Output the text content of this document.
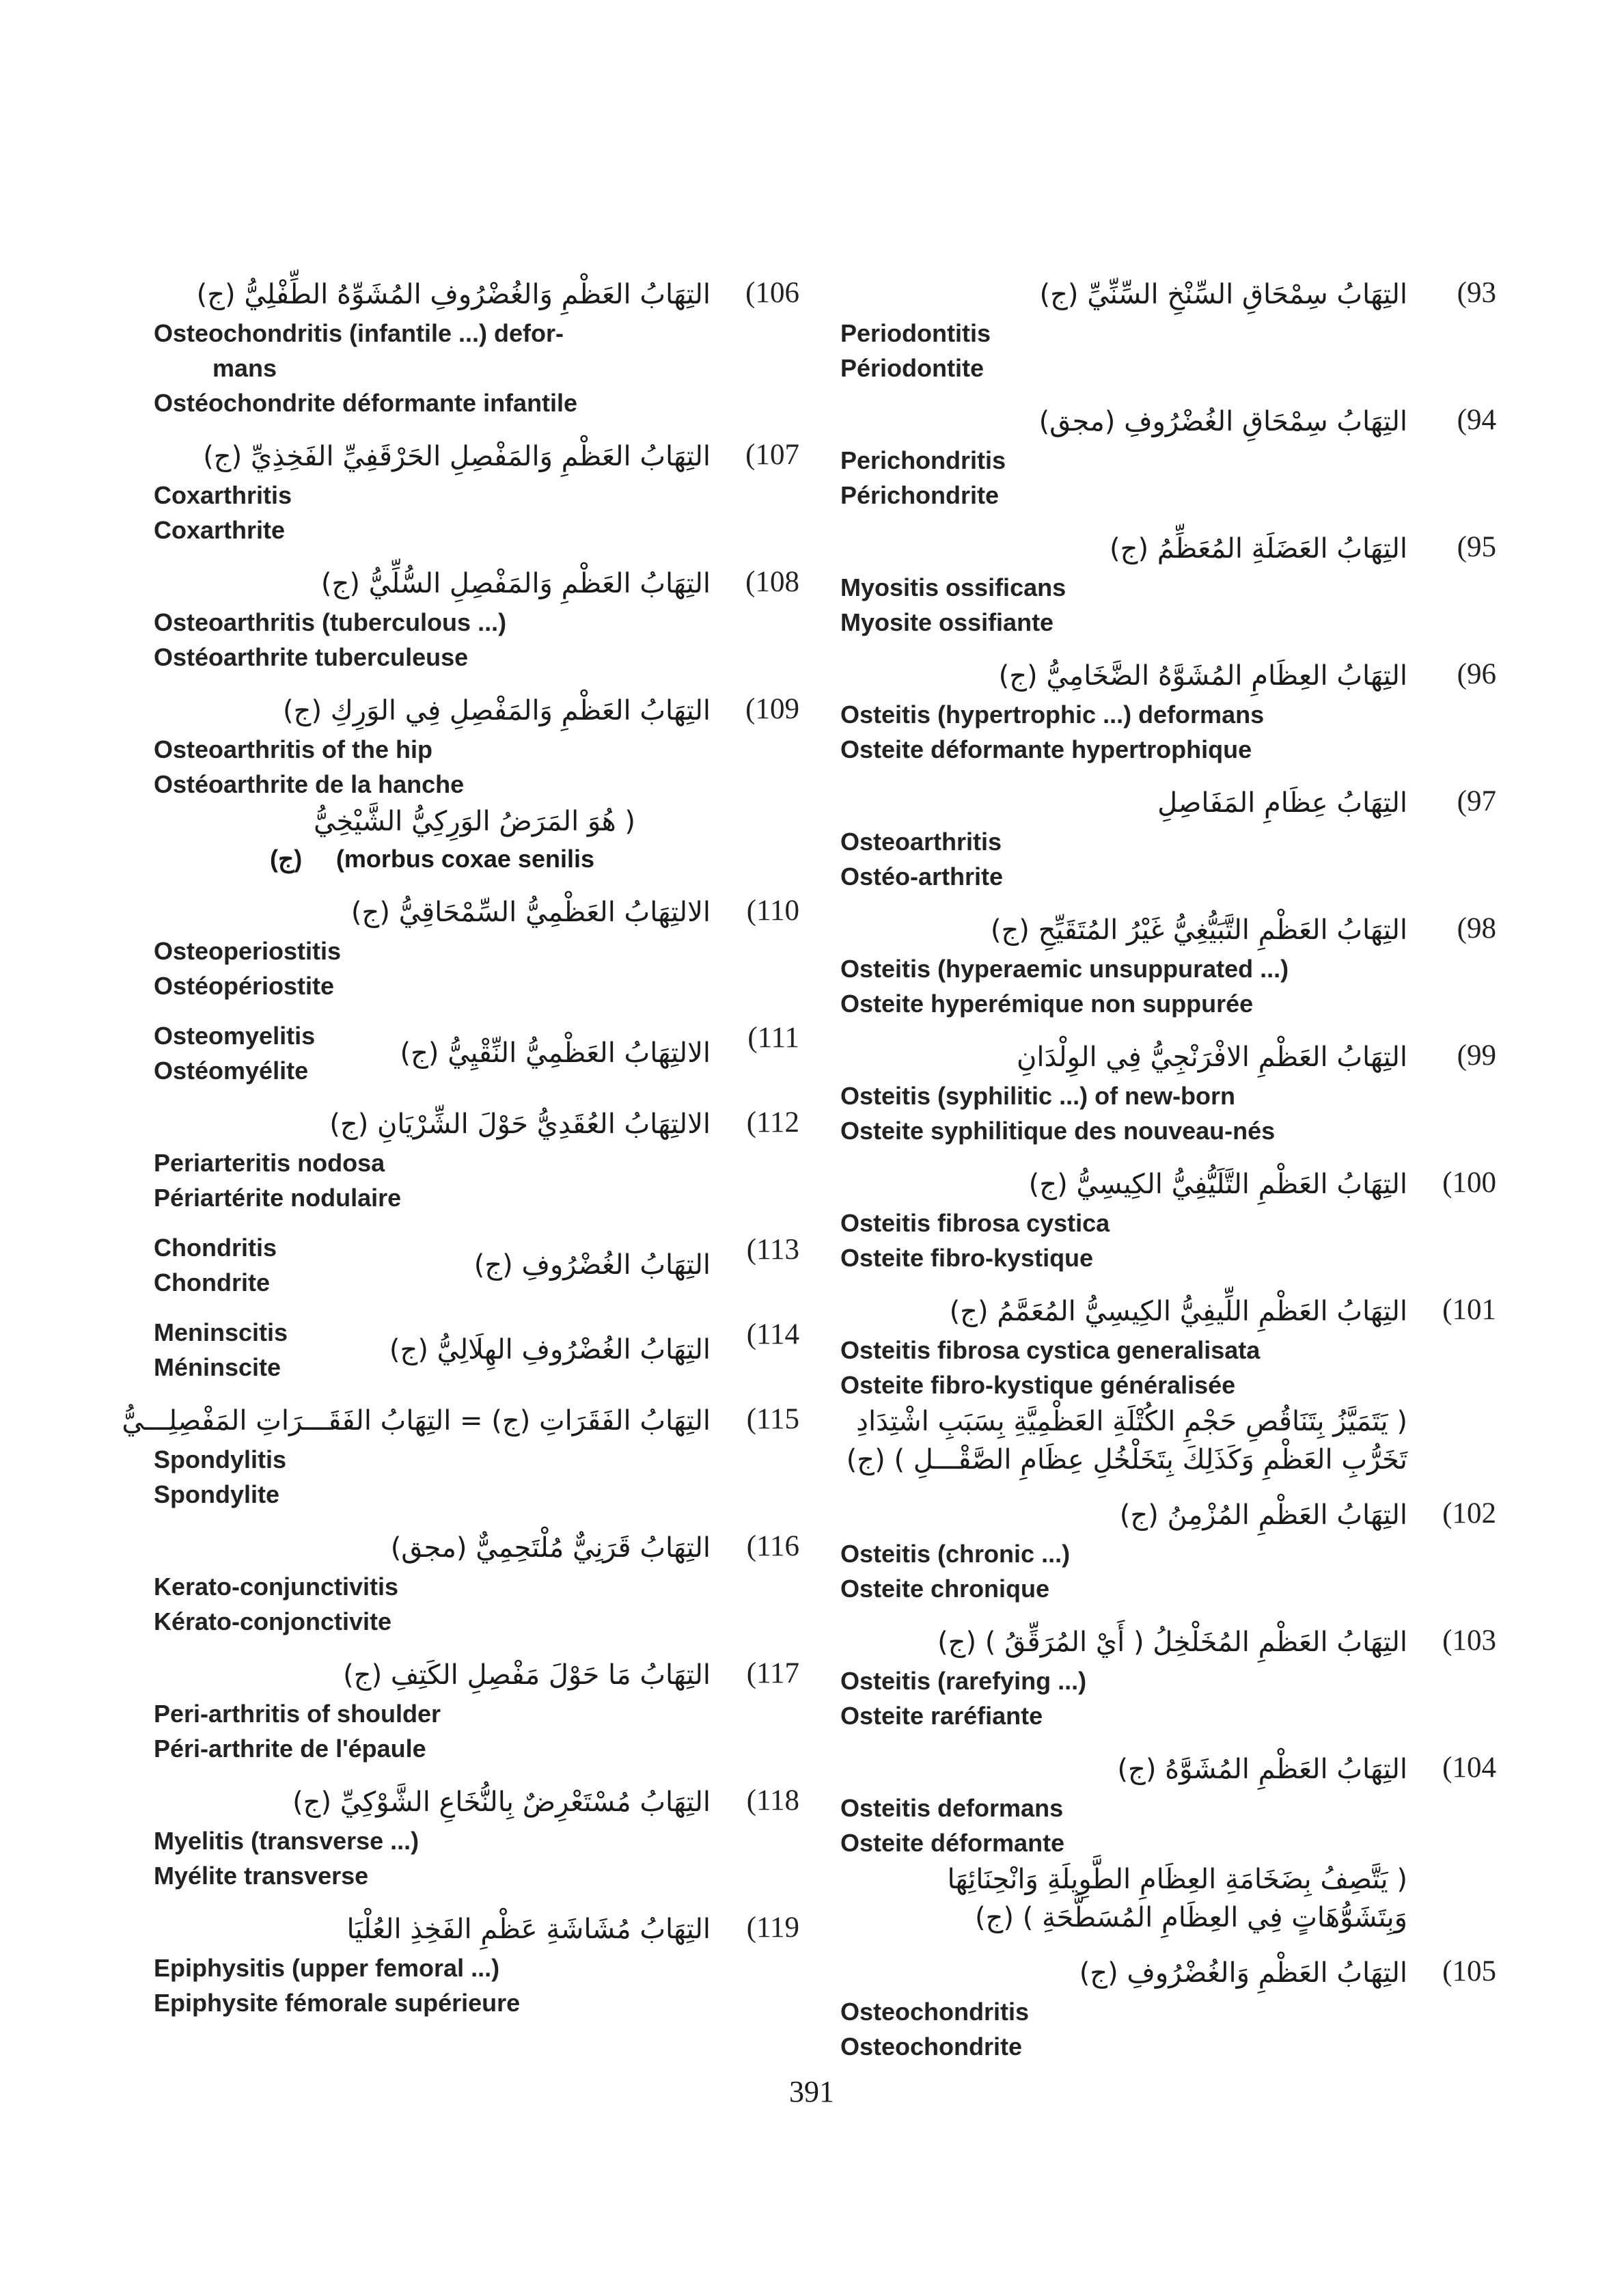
(106
التِهَابُ العَظْمِ وَالغُضْرُوفِ المُشَوِّهُ الطِّفْلِيُّ (ج)
Osteochondritis (infantile ...) defor-
mans
Ostéochondrite déformante infantile
(107
التِهَابُ العَظْمِ وَالمَفْصِلِ الحَرْقَفِيِّ الفَخِذِيِّ (ج)
Coxarthritis
Coxarthrite
(108
التِهَابُ العَظْمِ وَالمَفْصِلِ السُّلِّيُّ (ج)
Osteoarthritis (tuberculous ...)
Ostéoarthrite tuberculeuse
(109
التِهَابُ العَظْمِ وَالمَفْصِلِ فِي الوَرِكِ (ج)
Osteoarthritis of the hip
Ostéoarthrite de la hanche
( هُوَ المَرَضُ الوَرِكِيُّ الشَّيْخِيُّ
(ج) (morbus coxae senilis
(110
الالتِهَابُ العَظْمِيُّ السِّمْحَاقِيُّ (ج)
Osteoperiostitis
Ostéopériostite
(111
Osteomyelitis
Ostéomyélite
الالتِهَابُ العَظْمِيُّ النِّقْيِيُّ (ج)
(112
الالتِهَابُ العُقَدِيُّ حَوْلَ الشِّرْيَانِ (ج)
Periarteritis nodosa
Périartérite nodulaire
(113
Chondritis
Chondrite
التِهَابُ الغُضْرُوفِ (ج)
(114
Meninscitis
Méninscite
التِهَابُ الغُضْرُوفِ الهِلَالِيُّ (ج)
(115
التِهَابُ الفَقَرَاتِ (ج) = التِهَابُ الفَقَـــرَاتِ المَفْصِلِـــيُّ
Spondylitis
Spondylite
(116
التِهَابُ قَرَنِيٌّ مُلْتَحِمِيٌّ (مجق)
Kerato-conjunctivitis
Kérato-conjonctivite
(117
التِهَابُ مَا حَوْلَ مَفْصِلِ الكَتِفِ (ج)
Peri-arthritis of shoulder
Péri-arthrite de l'épaule
(118
التِهَابُ مُسْتَعْرِضٌ بِالنُّخَاعِ الشَّوْكِيِّ (ج)
Myelitis (transverse ...)
Myélite transverse
(119
التِهَابُ مُشَاشَةِ عَظْمِ الفَخِذِ العُلْيَا
Epiphysitis (upper femoral ...)
Epiphysite fémorale supérieure
(93
التِهَابُ سِمْحَاقِ السِّنْخِ السِّنِّيِّ (ج)
Periodontitis
Périodontite
(94
التِهَابُ سِمْحَاقِ الغُضْرُوفِ (مجق)
Perichondritis
Périchondrite
(95
التِهَابُ العَضَلَةِ المُعَظِّمُ (ج)
Myositis ossificans
Myosite ossifiante
(96
التِهَابُ العِظَامِ المُشَوَّهُ الضَّخَامِيُّ (ج)
Osteitis (hypertrophic ...) deformans
Osteite déformante hypertrophique
(97
التِهَابُ عِظَامِ المَفَاصِلِ
Osteoarthritis
Ostéo-arthrite
(98
التِهَابُ العَظْمِ التَّبَيُّغِيُّ غَيْرُ المُتَقَيِّحِ (ج)
Osteitis (hyperaemic unsuppurated ...)
Osteite hyperémique non suppurée
(99
التِهَابُ العَظْمِ الافْرَنْجِيُّ فِي الوِلْدَانِ
Osteitis (syphilitic ...) of new-born
Osteite syphilitique des nouveau-nés
(100
التِهَابُ العَظْمِ التَّلَيُّفِيُّ الكِيسِيُّ (ج)
Osteitis fibrosa cystica
Osteite fibro-kystique
(101
التِهَابُ العَظْمِ اللِّيفِيُّ الكِيسِيُّ المُعَمَّمُ (ج)
Osteitis fibrosa cystica generalisata
Osteite fibro-kystique généralisée
( يَتَمَيَّزُ بِتَنَاقُصِ حَجْمِ الكُتْلَةِ العَظْمِيَّةِ بِسَبَبِ اشْتِدَادِ تَخَرُّبِ العَظْمِ وَكَذَلِكَ بِتَخَلْخُلِ عِظَامِ الصَّقْـــلِ ) (ج)
(102
التِهَابُ العَظْمِ المُزْمِنُ (ج)
Osteitis (chronic ...)
Osteite chronique
(103
التِهَابُ العَظْمِ المُخَلْخِلُ ( أَيْ المُرَقِّقُ ) (ج)
Osteitis (rarefying ...)
Osteite raréfiante
(104
التِهَابُ العَظْمِ المُشَوَّهُ (ج)
Osteitis deformans
Osteite déformante
( يَتَّصِفُ بِضَخَامَةِ العِظَامِ الطَّوِيلَةِ وَانْحِنَائِهَا وَبِتَشَوُّهَاتٍ فِي العِظَامِ المُسَطَّحَةِ ) (ج)
(105
التِهَابُ العَظْمِ وَالغُضْرُوفِ (ج)
Osteochondritis
Osteochondrite
391
